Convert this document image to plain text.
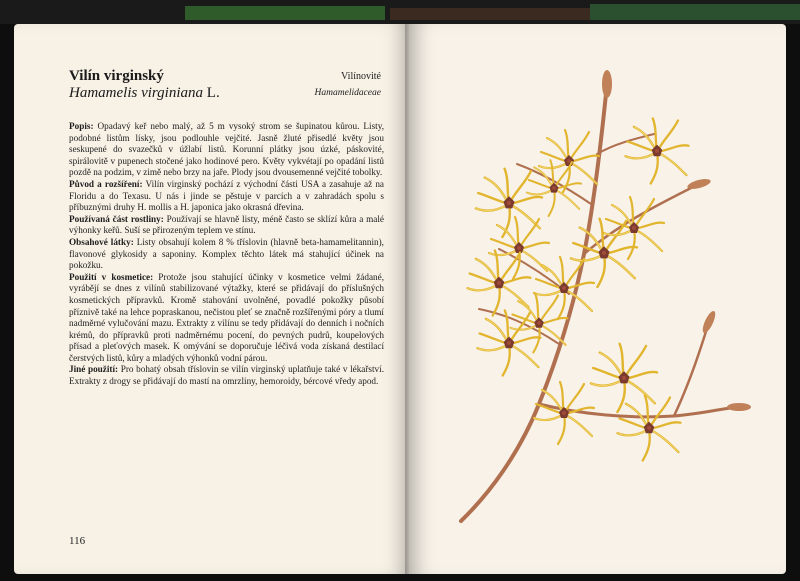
Vilín virginský
Hamamelis virginiana L.
Vilínovité
Hamamelidaceae

Popis: Opadavý keř nebo malý, až 5 m vysoký strom se šupinatou kůrou. Listy, podobné listům lísky, jsou podlouhle vejčité. Jasně žluté přisedlé květy jsou seskupené do svazečků v úžlabí listů. Korunní plátky jsou úzké, páskovité, spirálovitě v pupenech stočené jako hodinové pero. Květy vykvétají po opadání listů pozdě na podzim, v zimě nebo brzy na jaře. Plody jsou dvousemenné vejčité tobolky.

Původ a rozšíření: Vilín virginský pochází z východní části USA a zasahuje až na Floridu a do Texasu. U nás i jinde se pěstuje v parcích a v zahradách spolu s příbuznými druhy H. mollis a H. japonica jako okrasná dřevina.

Používaná část rostliny: Používají se hlavně listy, méně často se sklízí kůra a malé výhonky keřů. Suší se přirozeným teplem ve stínu.

Obsahové látky: Listy obsahují kolem 8 % tříslovin (hlavně beta-hamamelitannin), flavonové glykosidy a saponiny. Komplex těchto látek má stahující účinek na pokožku.

Použití v kosmetice: Protože jsou stahující účinky v kosmetice velmi žádané, vyrábějí se dnes z vilínů stabilizované výtažky, které se přidávají do příslušných kosmetických přípravků. Kromě stahování uvolněné, povadlé pokožky působí příznivě také na lehce popraskanou, nečistou pleť se značně rozšířenými póry a tlumí nadměrné vylučování mazu. Extrakty z vilínu se tedy přidávají do denních i nočních krémů, do přípravků proti nadměrnému pocení, do pevných pudrů, koupelových přísad a pleťových masek. K omývání se doporučuje léčivá voda získaná destilací čerstvých listů, kůry a mladých výhonků vodní párou.

Jiné použití: Pro bohatý obsah tříslovin se vilín virginský uplatňuje také v lékařství. Extrakty z drogy se přidávají do mastí na omrzliny, hemoroidy, bércové vředy apod.

116
